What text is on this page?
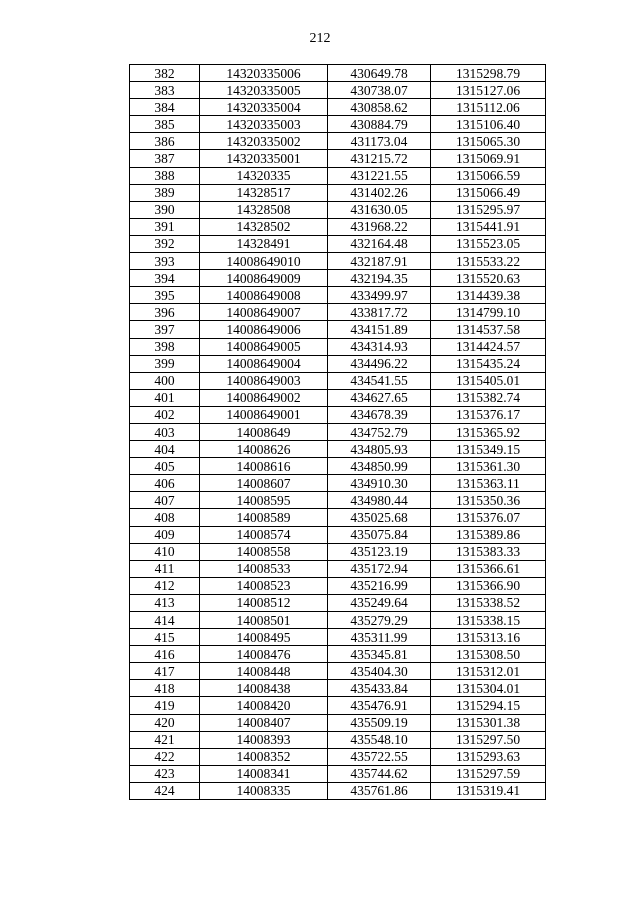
212
382	14320335006	430649.78	1315298.79
383	14320335005	430738.07	1315127.06
384	14320335004	430858.62	1315112.06
385	14320335003	430884.79	1315106.40
386	14320335002	431173.04	1315065.30
387	14320335001	431215.72	1315069.91
388	14320335	431221.55	1315066.59
389	14328517	431402.26	1315066.49
390	14328508	431630.05	1315295.97
391	14328502	431968.22	1315441.91
392	14328491	432164.48	1315523.05
393	14008649010	432187.91	1315533.22
394	14008649009	432194.35	1315520.63
395	14008649008	433499.97	1314439.38
396	14008649007	433817.72	1314799.10
397	14008649006	434151.89	1314537.58
398	14008649005	434314.93	1314424.57
399	14008649004	434496.22	1315435.24
400	14008649003	434541.55	1315405.01
401	14008649002	434627.65	1315382.74
402	14008649001	434678.39	1315376.17
403	14008649	434752.79	1315365.92
404	14008626	434805.93	1315349.15
405	14008616	434850.99	1315361.30
406	14008607	434910.30	1315363.11
407	14008595	434980.44	1315350.36
408	14008589	435025.68	1315376.07
409	14008574	435075.84	1315389.86
410	14008558	435123.19	1315383.33
411	14008533	435172.94	1315366.61
412	14008523	435216.99	1315366.90
413	14008512	435249.64	1315338.52
414	14008501	435279.29	1315338.15
415	14008495	435311.99	1315313.16
416	14008476	435345.81	1315308.50
417	14008448	435404.30	1315312.01
418	14008438	435433.84	1315304.01
419	14008420	435476.91	1315294.15
420	14008407	435509.19	1315301.38
421	14008393	435548.10	1315297.50
422	14008352	435722.55	1315293.63
423	14008341	435744.62	1315297.59
424	14008335	435761.86	1315319.41
